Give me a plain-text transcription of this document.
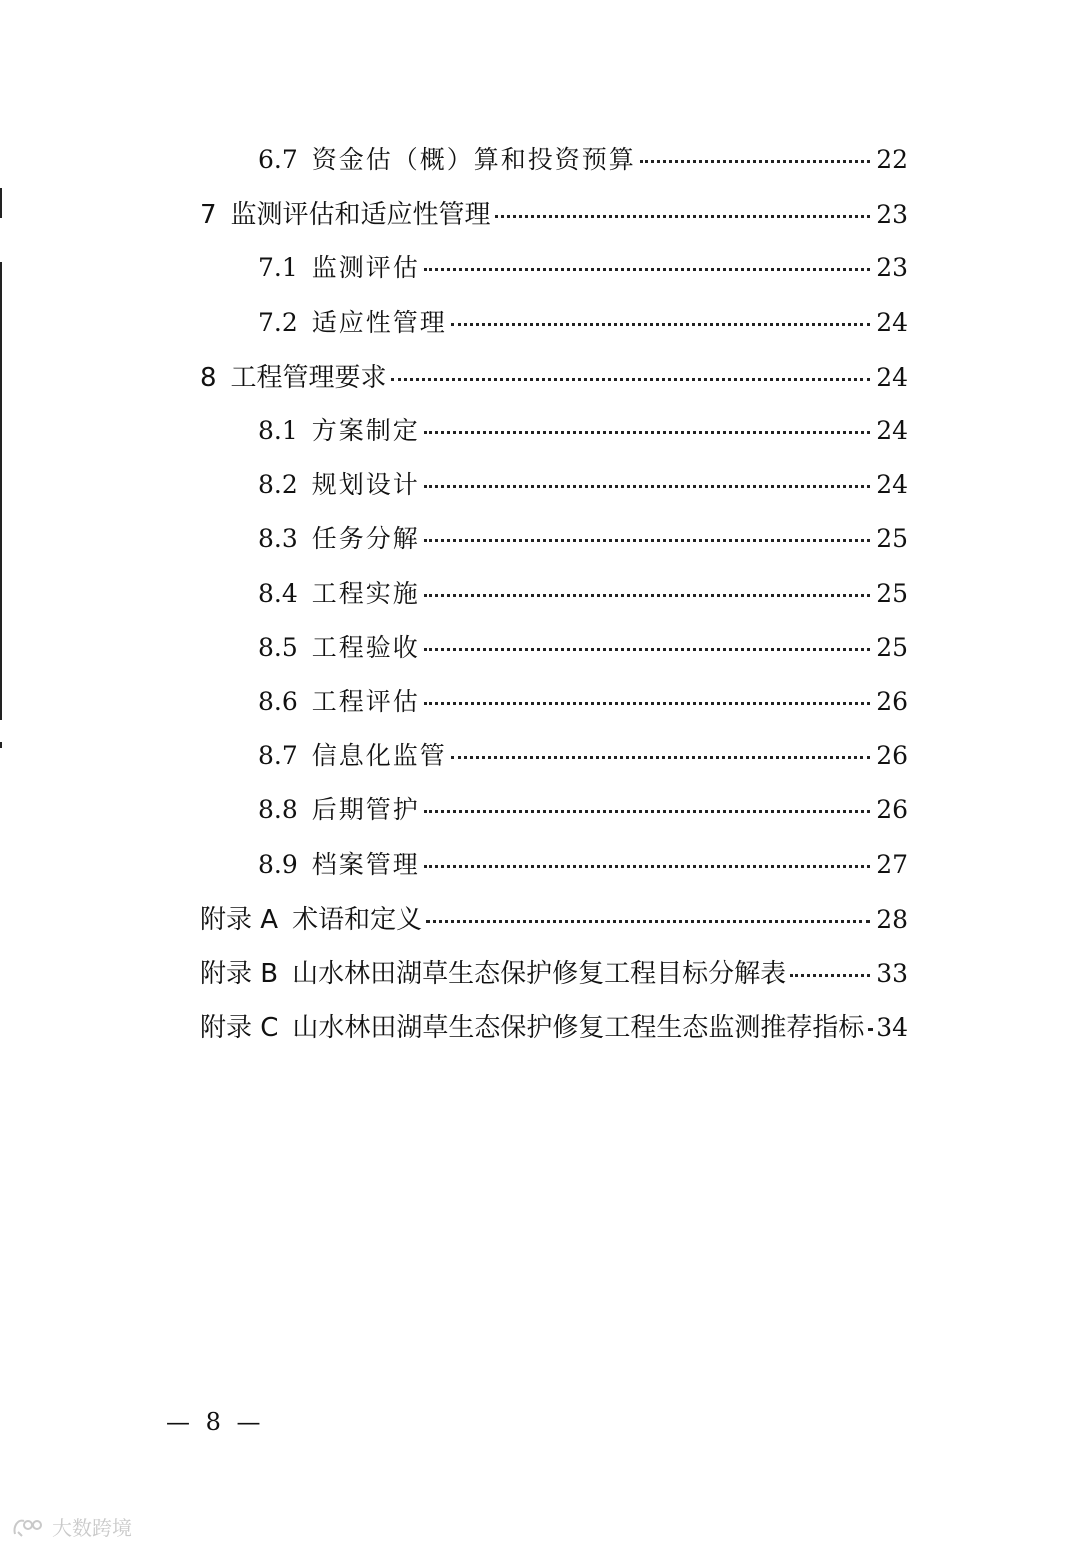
6.7 资金估（概）算和投资预算	22
7 监测评估和适应性管理	23
7.1 监测评估	23
7.2 适应性管理	24
8 工程管理要求	24
8.1 方案制定	24
8.2 规划设计	24
8.3 任务分解	25
8.4 工程实施	25
8.5 工程验收	25
8.6 工程评估	26
8.7 信息化监管	26
8.8 后期管护	26
8.9 档案管理	27
附录 A 术语和定义	28
附录 B 山水林田湖草生态保护修复工程目标分解表	33
附录 C 山水林田湖草生态保护修复工程生态监测推荐指标 34
— 8 —
大数跨境
